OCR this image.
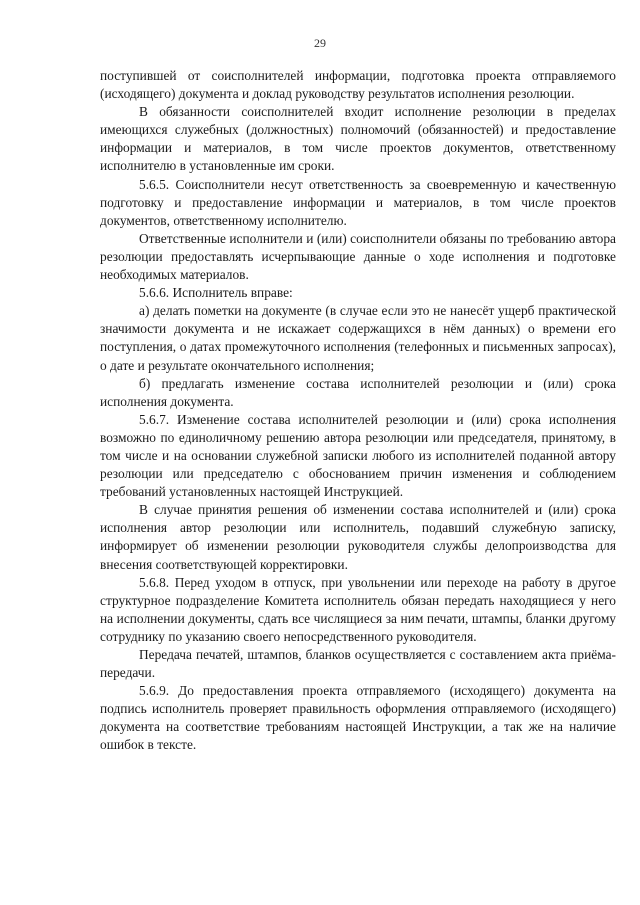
29

поступившей от соисполнителей информации, подготовка проекта отправляемого (исходящего) документа и доклад руководству результатов исполнения резолюции.

В обязанности соисполнителей входит исполнение резолюции в пределах имеющихся служебных (должностных) полномочий (обязанностей) и предоставление информации и материалов, в том числе проектов документов, ответственному исполнителю в установленные им сроки.

5.6.5. Соисполнители несут ответственность за своевременную и качественную подготовку и предоставление информации и материалов, в том числе проектов документов, ответственному исполнителю.

Ответственные исполнители и (или) соисполнители обязаны по требованию автора резолюции предоставлять исчерпывающие данные о ходе исполнения и подготовке необходимых материалов.

5.6.6. Исполнитель вправе:

а) делать пометки на документе (в случае если это не нанесёт ущерб практической значимости документа и не искажает содержащихся в нём данных) о времени его поступления, о датах промежуточного исполнения (телефонных и письменных запросах), о дате и результате окончательного исполнения;

б) предлагать изменение состава исполнителей резолюции и (или) срока исполнения документа.

5.6.7. Изменение состава исполнителей резолюции и (или) срока исполнения возможно по единоличному решению автора резолюции или председателя, принятому, в том числе и на основании служебной записки любого из исполнителей поданной автору резолюции или председателю с обоснованием причин изменения и соблюдением требований установленных настоящей Инструкцией.

В случае принятия решения об изменении состава исполнителей и (или) срока исполнения автор резолюции или исполнитель, подавший служебную записку, информирует об изменении резолюции руководителя службы делопроизводства для внесения соответствующей корректировки.

5.6.8. Перед уходом в отпуск, при увольнении или переходе на работу в другое структурное подразделение Комитета исполнитель обязан передать находящиеся у него на исполнении документы, сдать все числящиеся за ним печати, штампы, бланки другому сотруднику по указанию своего непосредственного руководителя.

Передача печатей, штампов, бланков осуществляется с составлением акта приёма-передачи.

5.6.9. До предоставления проекта отправляемого (исходящего) документа на подпись исполнитель проверяет правильность оформления отправляемого (исходящего) документа на соответствие требованиям настоящей Инструкции, а так же на наличие ошибок в тексте.
